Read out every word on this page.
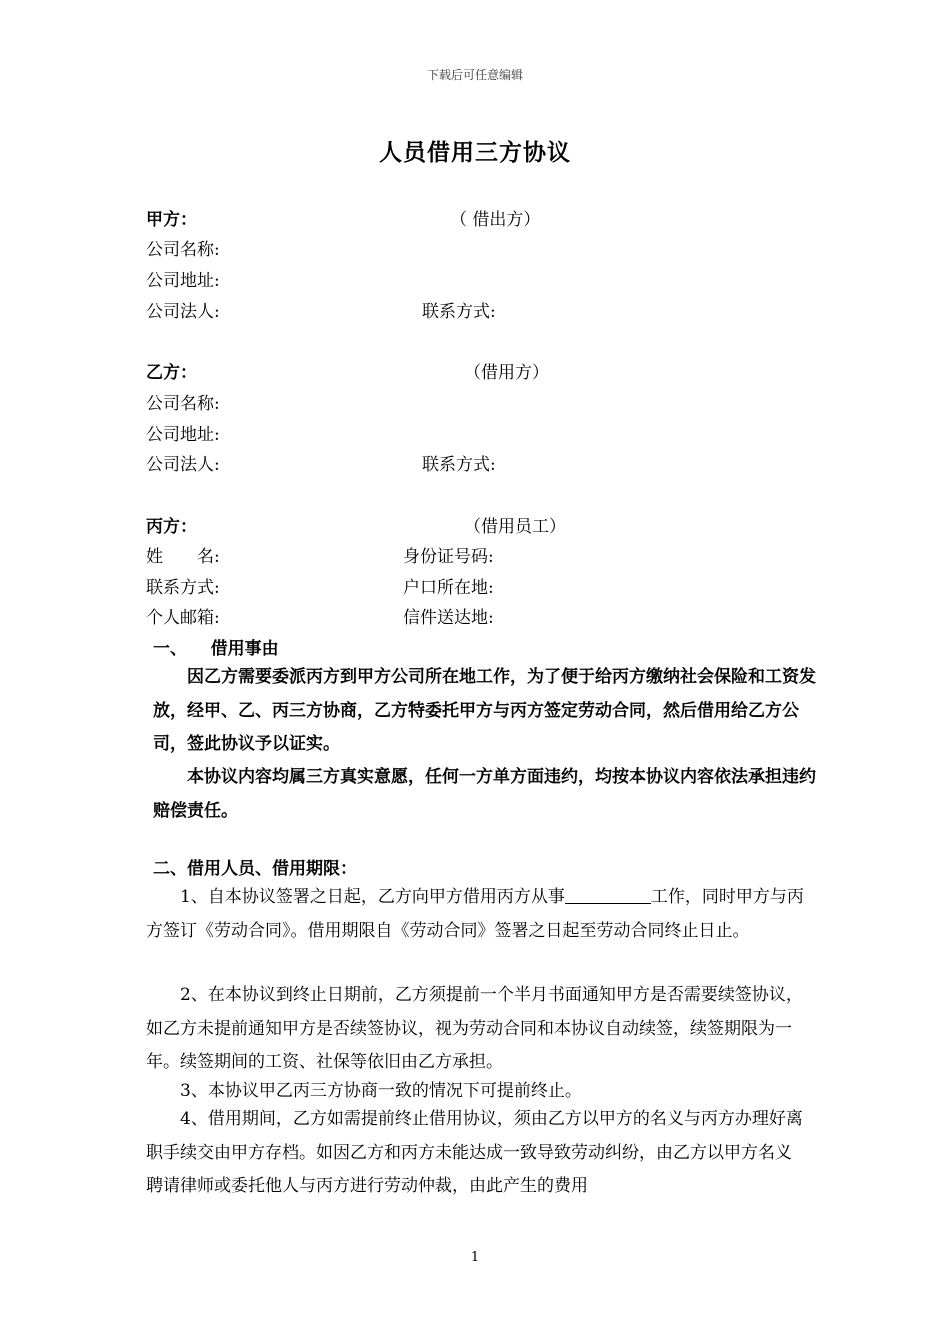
下载后可任意编辑
人员借用三方协议
甲方：	（ 借出方）
公司名称:
公司地址:
公司法人:	联系方式:
乙方：	（借用方）
公司名称:
公司地址:
公司法人:	联系方式:
丙方：	（借用员工）
姓　　名:	身份证号码:
联系方式:	户口所在地:
个人邮箱:	信件送达地:
一、    借用事由
因乙方需要委派丙方到甲方公司所在地工作，为了便于给丙方缴纳社会保险和工资发放，经甲、乙、丙三方协商，乙方特委托甲方与丙方签定劳动合同，然后借用给乙方公司，签此协议予以证实。
本协议内容均属三方真实意愿，任何一方单方面违约，均按本协议内容依法承担违约赔偿责任。
二、借用人员、借用期限：
1、自本协议签署之日起，乙方向甲方借用丙方从事	工作，同时甲方与丙方签订《劳动合同》。借用期限自《劳动合同》签署之日起至劳动合同终止日止。
2、在本协议到终止日期前，乙方须提前一个半月书面通知甲方是否需要续签协议，如乙方未提前通知甲方是否续签协议，视为劳动合同和本协议自动续签，续签期限为一年。续签期间的工资、社保等依旧由乙方承担。
3、本协议甲乙丙三方协商一致的情况下可提前终止。
4、借用期间，乙方如需提前终止借用协议，须由乙方以甲方的名义与丙方办理好离职手续交由甲方存档。如因乙方和丙方未能达成一致导致劳动纠纷，由乙方以甲方名义聘请律师或委托他人与丙方进行劳动仲裁，由此产生的费用
1
